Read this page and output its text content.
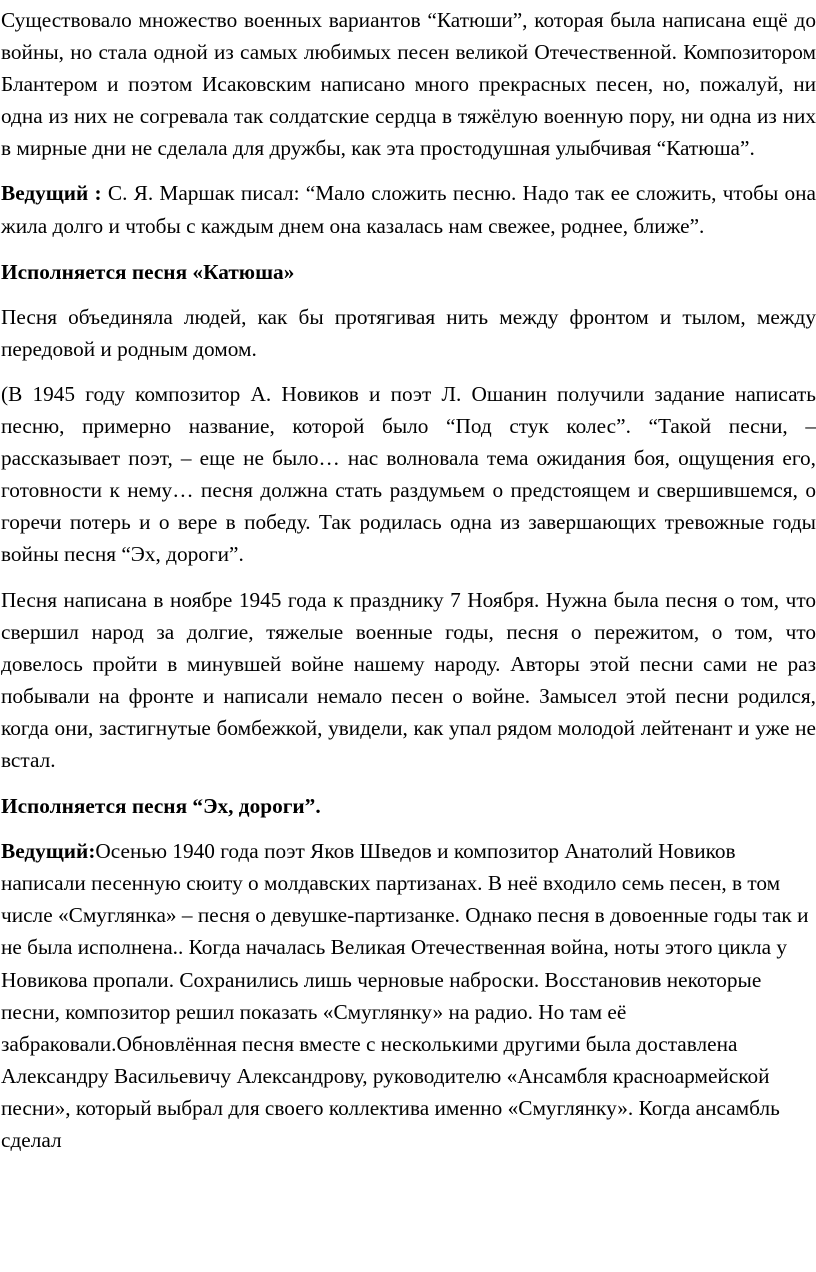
Существовало множество военных вариантов “Катюши”, которая была написана ещё до войны, но стала одной из самых любимых песен великой Отечественной. Композитором Блантером и поэтом Исаковским написано много прекрасных песен, но, пожалуй, ни одна из них не согревала так солдатские сердца в тяжёлую военную пору, ни одна из них в мирные дни не сделала для дружбы, как эта простодушная улыбчивая “Катюша”.

Ведущий : С. Я. Маршак писал: “Мало сложить песню. Надо так ее сложить, чтобы она жила долго и чтобы с каждым днем она казалась нам свежее, роднее, ближе”.

Исполняется песня «Катюша»

Песня объединяла людей, как бы протягивая нить между фронтом и тылом, между передовой и родным домом.

(В 1945 году композитор А. Новиков и поэт Л. Ошанин получили задание написать песню, примерно название, которой было “Под стук колес”. “Такой песни, – рассказывает поэт, – еще не было… нас волновала тема ожидания боя, ощущения его, готовности к нему… песня должна стать раздумьем о предстоящем и свершившемся, о горечи потерь и о вере в победу. Так родилась одна из завершающих тревожные годы войны песня “Эх, дороги”.

Песня написана в ноябре 1945 года к празднику 7 Ноября. Нужна была песня о том, что свершил народ за долгие, тяжелые военные годы, песня о пережитом, о том, что довелось пройти в минувшей войне нашему народу. Авторы этой песни сами не раз побывали на фронте и написали немало песен о войне. Замысел этой песни родился, когда они, застигнутые бомбежкой, увидели, как упал рядом молодой лейтенант и уже не встал.

Исполняется песня “Эх, дороги”.

Ведущий:Осенью 1940 года поэт Яков Шведов и композитор Анатолий Новиков написали песенную сюиту о молдавских партизанах. В неё входило семь песен, в том числе «Смуглянка» – песня о девушке-партизанке. Однако песня в довоенные годы так и не была исполнена.. Когда началась Великая Отечественная война, ноты этого цикла у Новикова пропали. Сохранились лишь черновые наброски. Восстановив некоторые песни, композитор решил показать «Смуглянку» на радио. Но там её забраковали.Обновлённая песня вместе с несколькими другими была доставлена Александру Васильевичу Александрову, руководителю «Ансамбля красноармейской песни», который выбрал для своего коллектива именно «Смуглянку». Когда ансамбль сделал
